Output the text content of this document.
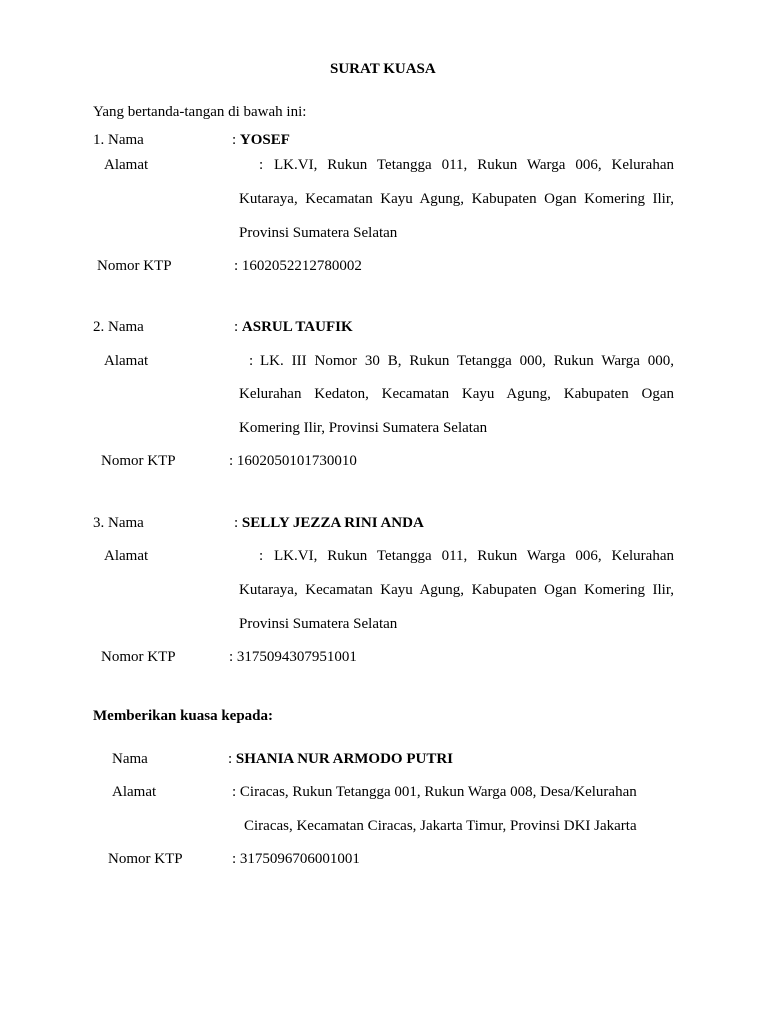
SURAT KUASA
Yang bertanda-tangan di bawah ini:
1. Nama	: YOSEF
Alamat	: LK.VI, Rukun Tetangga 011, Rukun Warga 006, Kelurahan
Kutaraya, Kecamatan Kayu Agung, Kabupaten Ogan Komering Ilir,
Provinsi Sumatera Selatan
Nomor KTP	: 1602052212780002
2. Nama	: ASRUL TAUFIK
Alamat	: LK. III Nomor 30 B, Rukun Tetangga 000, Rukun Warga 000,
Kelurahan Kedaton, Kecamatan Kayu Agung, Kabupaten Ogan
Komering Ilir, Provinsi Sumatera Selatan
Nomor KTP	: 1602050101730010
3. Nama	: SELLY JEZZA RINI ANDA
Alamat	: LK.VI, Rukun Tetangga 011, Rukun Warga 006, Kelurahan
Kutaraya, Kecamatan Kayu Agung, Kabupaten Ogan Komering Ilir,
Provinsi Sumatera Selatan
Nomor KTP	: 3175094307951001
Memberikan kuasa kepada:
Nama	: SHANIA NUR ARMODO PUTRI
Alamat	: Ciracas, Rukun Tetangga 001, Rukun Warga 008, Desa/Kelurahan
Ciracas, Kecamatan Ciracas, Jakarta Timur, Provinsi DKI Jakarta
Nomor KTP	: 3175096706001001
